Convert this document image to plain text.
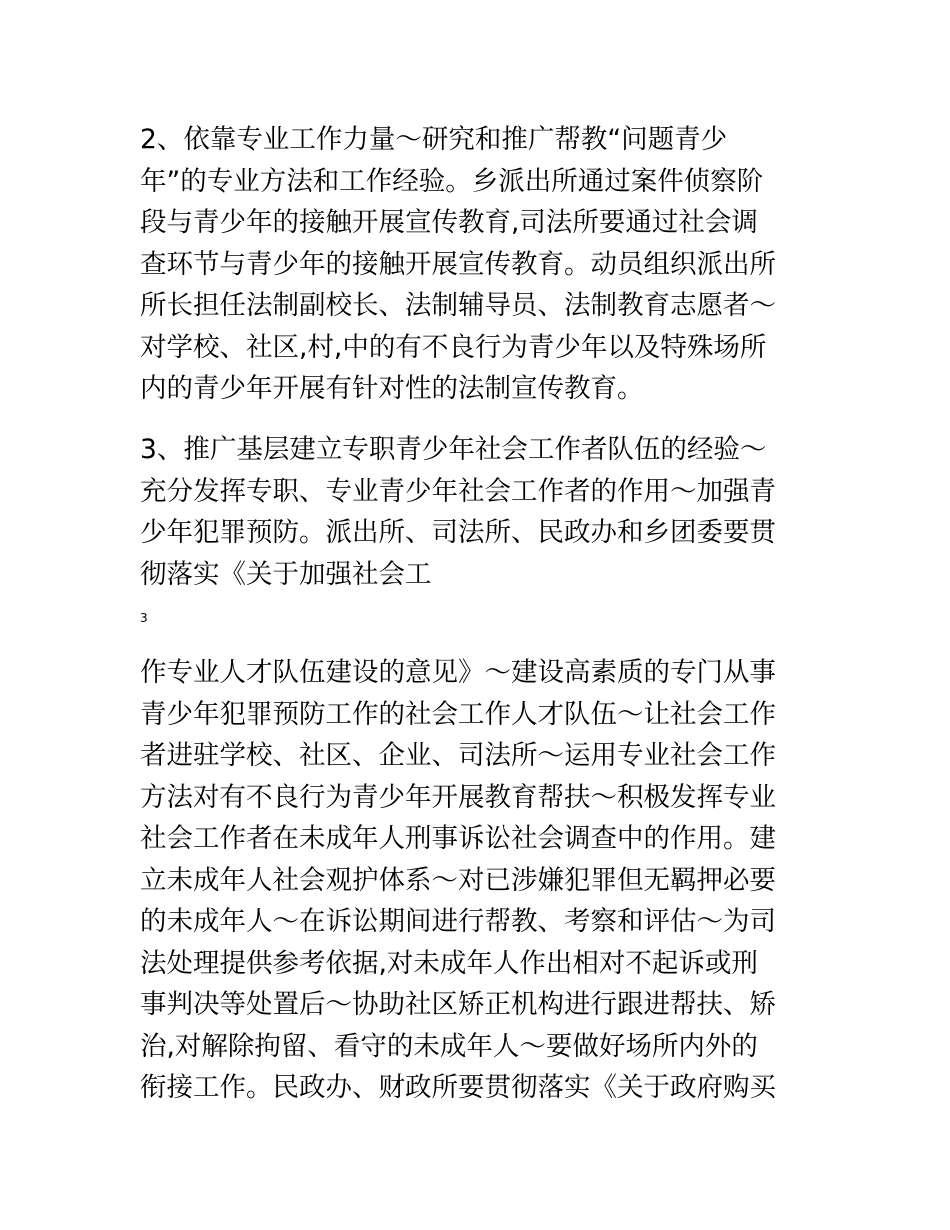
2、依靠专业工作力量～研究和推广帮教“问题青少
年”的专业方法和工作经验。乡派出所通过案件侦察阶
段与青少年的接触开展宣传教育,司法所要通过社会调
查环节与青少年的接触开展宣传教育。动员组织派出所
所长担任法制副校长、法制辅导员、法制教育志愿者～
对学校、社区,村,中的有不良行为青少年以及特殊场所
内的青少年开展有针对性的法制宣传教育。
3、推广基层建立专职青少年社会工作者队伍的经验～
充分发挥专职、专业青少年社会工作者的作用～加强青
少年犯罪预防。派出所、司法所、民政办和乡团委要贯
彻落实《关于加强社会工
3
作专业人才队伍建设的意见》～建设高素质的专门从事
青少年犯罪预防工作的社会工作人才队伍～让社会工作
者进驻学校、社区、企业、司法所～运用专业社会工作
方法对有不良行为青少年开展教育帮扶～积极发挥专业
社会工作者在未成年人刑事诉讼社会调查中的作用。建
立未成年人社会观护体系～对已涉嫌犯罪但无羁押必要
的未成年人～在诉讼期间进行帮教、考察和评估～为司
法处理提供参考依据,对未成年人作出相对不起诉或刑
事判决等处置后～协助社区矫正机构进行跟进帮扶、矫
治,对解除拘留、看守的未成年人～要做好场所内外的
衔接工作。民政办、财政所要贯彻落实《关于政府购买
